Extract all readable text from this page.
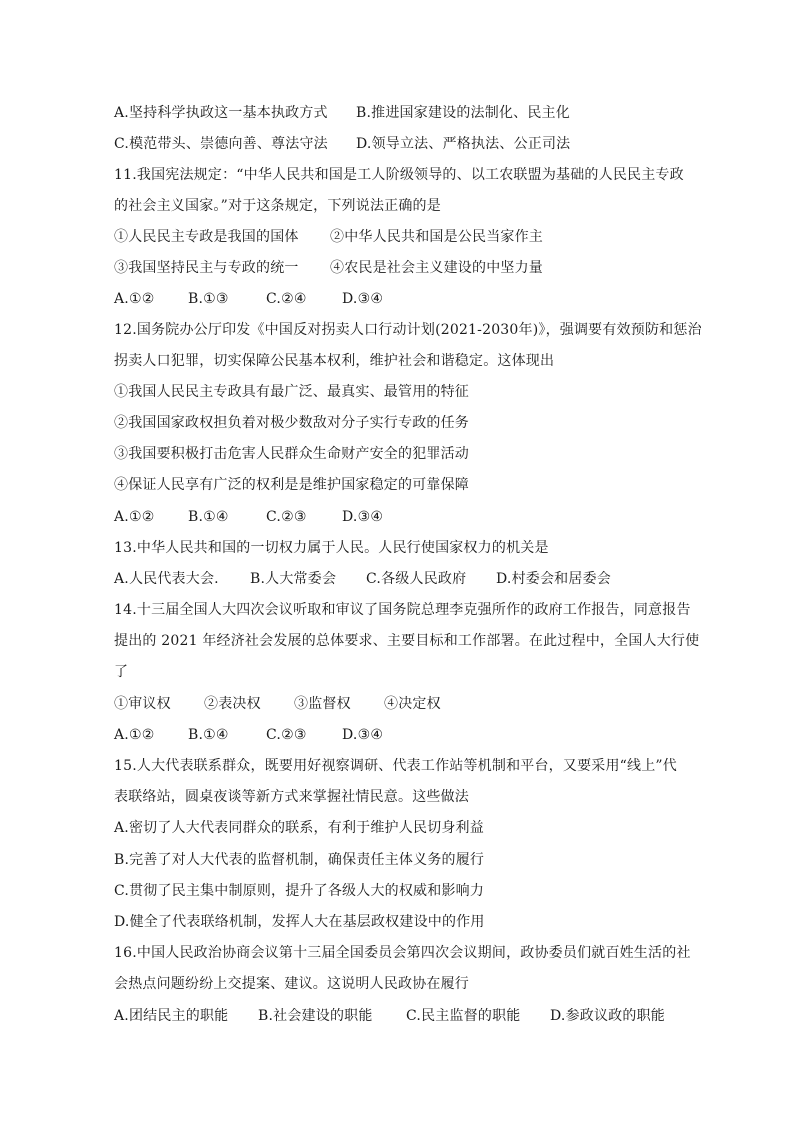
A.坚持科学执政这一基本执政方式 B.推进国家建设的法制化、民主化
C.模范带头、崇德向善、尊法守法 D.领导立法、严格执法、公正司法
11.我国宪法规定：“中华人民共和国是工人阶级领导的、以工农联盟为基础的人民民主专政
的社会主义国家。”对于这条规定，下列说法正确的是
①人民民主专政是我国的国体 ②中华人民共和国是公民当家作主
③我国坚持民主与专政的统一 ④农民是社会主义建设的中坚力量
A.①② B.①③	C.②④	D.③④
12.国务院办公厅印发《中国反对拐卖人口行动计划(2021-2030年)》，强调要有效预防和惩治
拐卖人口犯罪，切实保障公民基本权利，维护社会和谐稳定。这体现出
①我国人民民主专政具有最广泛、最真实、最管用的特征
②我国国家政权担负着对极少数敌对分子实行专政的任务
③我国要积极打击危害人民群众生命财产安全的犯罪活动
④保证人民享有广泛的权利是是维护国家稳定的可靠保障
A.①② B.①④	C.②③	D.③④
13.中华人民共和国的一切权力属于人民。人民行使国家权力的机关是
A.人民代表大会. B.人大常委会 C.各级人民政府 D.村委会和居委会
14.十三届全国人大四次会议听取和审议了国务院总理李克强所作的政府工作报告，同意报告
提出的 2021 年经济社会发展的总体要求、主要目标和工作部署。在此过程中，全国人大行使
了
①审议权 ②表决权 ③监督权 ④决定权
A.①② B.①④	C.②③	D.③④
15.人大代表联系群众，既要用好视察调研、代表工作站等机制和平台，又要采用“线上”代
表联络站，圆桌夜谈等新方式来掌握社情民意。这些做法
A.密切了人大代表同群众的联系，有利于维护人民切身利益
B.完善了对人大代表的监督机制，确保责任主体义务的履行
C.贯彻了民主集中制原则，提升了各级人大的权威和影响力
D.健全了代表联络机制，发挥人大在基层政权建设中的作用
16.中国人民政治协商会议第十三届全国委员会第四次会议期间，政协委员们就百姓生活的社
会热点问题纷纷上交提案、建议。这说明人民政协在履行
A.团结民主的职能 B.社会建设的职能 C.民主监督的职能 D.参政议政的职能
